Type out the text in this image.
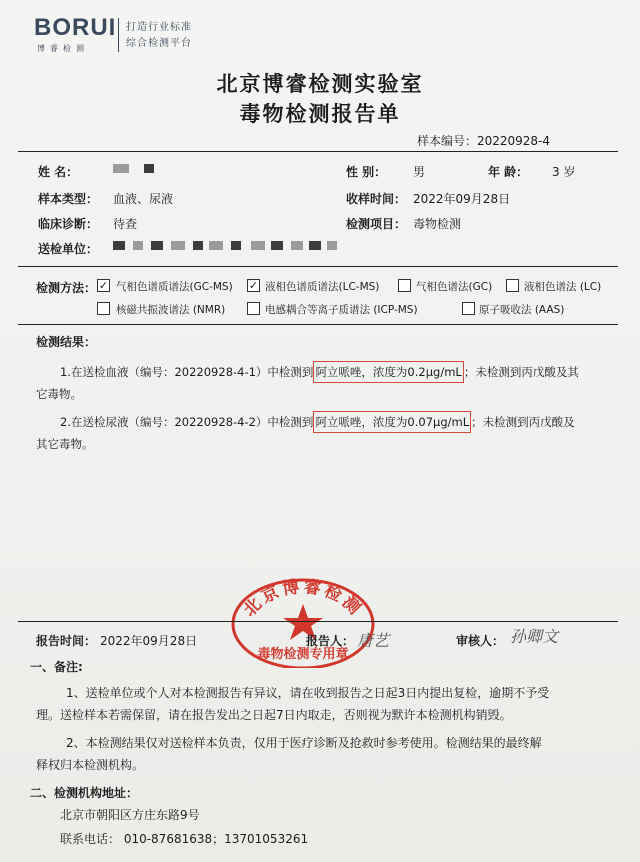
BORUI
博睿检测
打造行业标准
综合检测平台
北京博睿检测实验室
毒物检测报告单
样本编号：20220928-4
姓 名：	性 别： 男	年 龄： 3 岁
样本类型： 血液、尿液	收样时间： 2022年09月28日
临床诊断： 待查	检测项目： 毒物检测
送检单位：
检测方法： ✓ 气相色谱质谱法(GC-MS) ✓ 液相色谱质谱法(LC-MS)	气相色谱法(GC)	液相色谱法 (LC)
核磁共振波谱法 (NMR)	电感耦合等离子质谱法 (ICP-MS)	原子吸收法 (AAS)
检测结果：
1.在送检血液（编号：20220928-4-1）中检测到 阿立哌唑，浓度为0.2μg/mL ；未检测到丙戊酸及其
它毒物。
2.在送检尿液（编号：20220928-4-2）中检测到 阿立哌唑，浓度为0.07μg/mL ；未检测到丙戊酸及
其它毒物。
北京博睿检测
毒物检测专用章
报告时间： 2022年09月28日	报告人： 唐艺	审核人： 孙卿文
一、备注:
1、送检单位或个人对本检测报告有异议，请在收到报告之日起3日内提出复检，逾期不予受
理。送检样本若需保留，请在报告发出之日起7日内取走，否则视为默许本检测机构销毁。
2、本检测结果仅对送检样本负责，仅用于医疗诊断及抢救时参考使用。检测结果的最终解
释权归本检测机构。
二、检测机构地址：
北京市朝阳区方庄东路9号
联系电话： 010-87681638；13701053261
